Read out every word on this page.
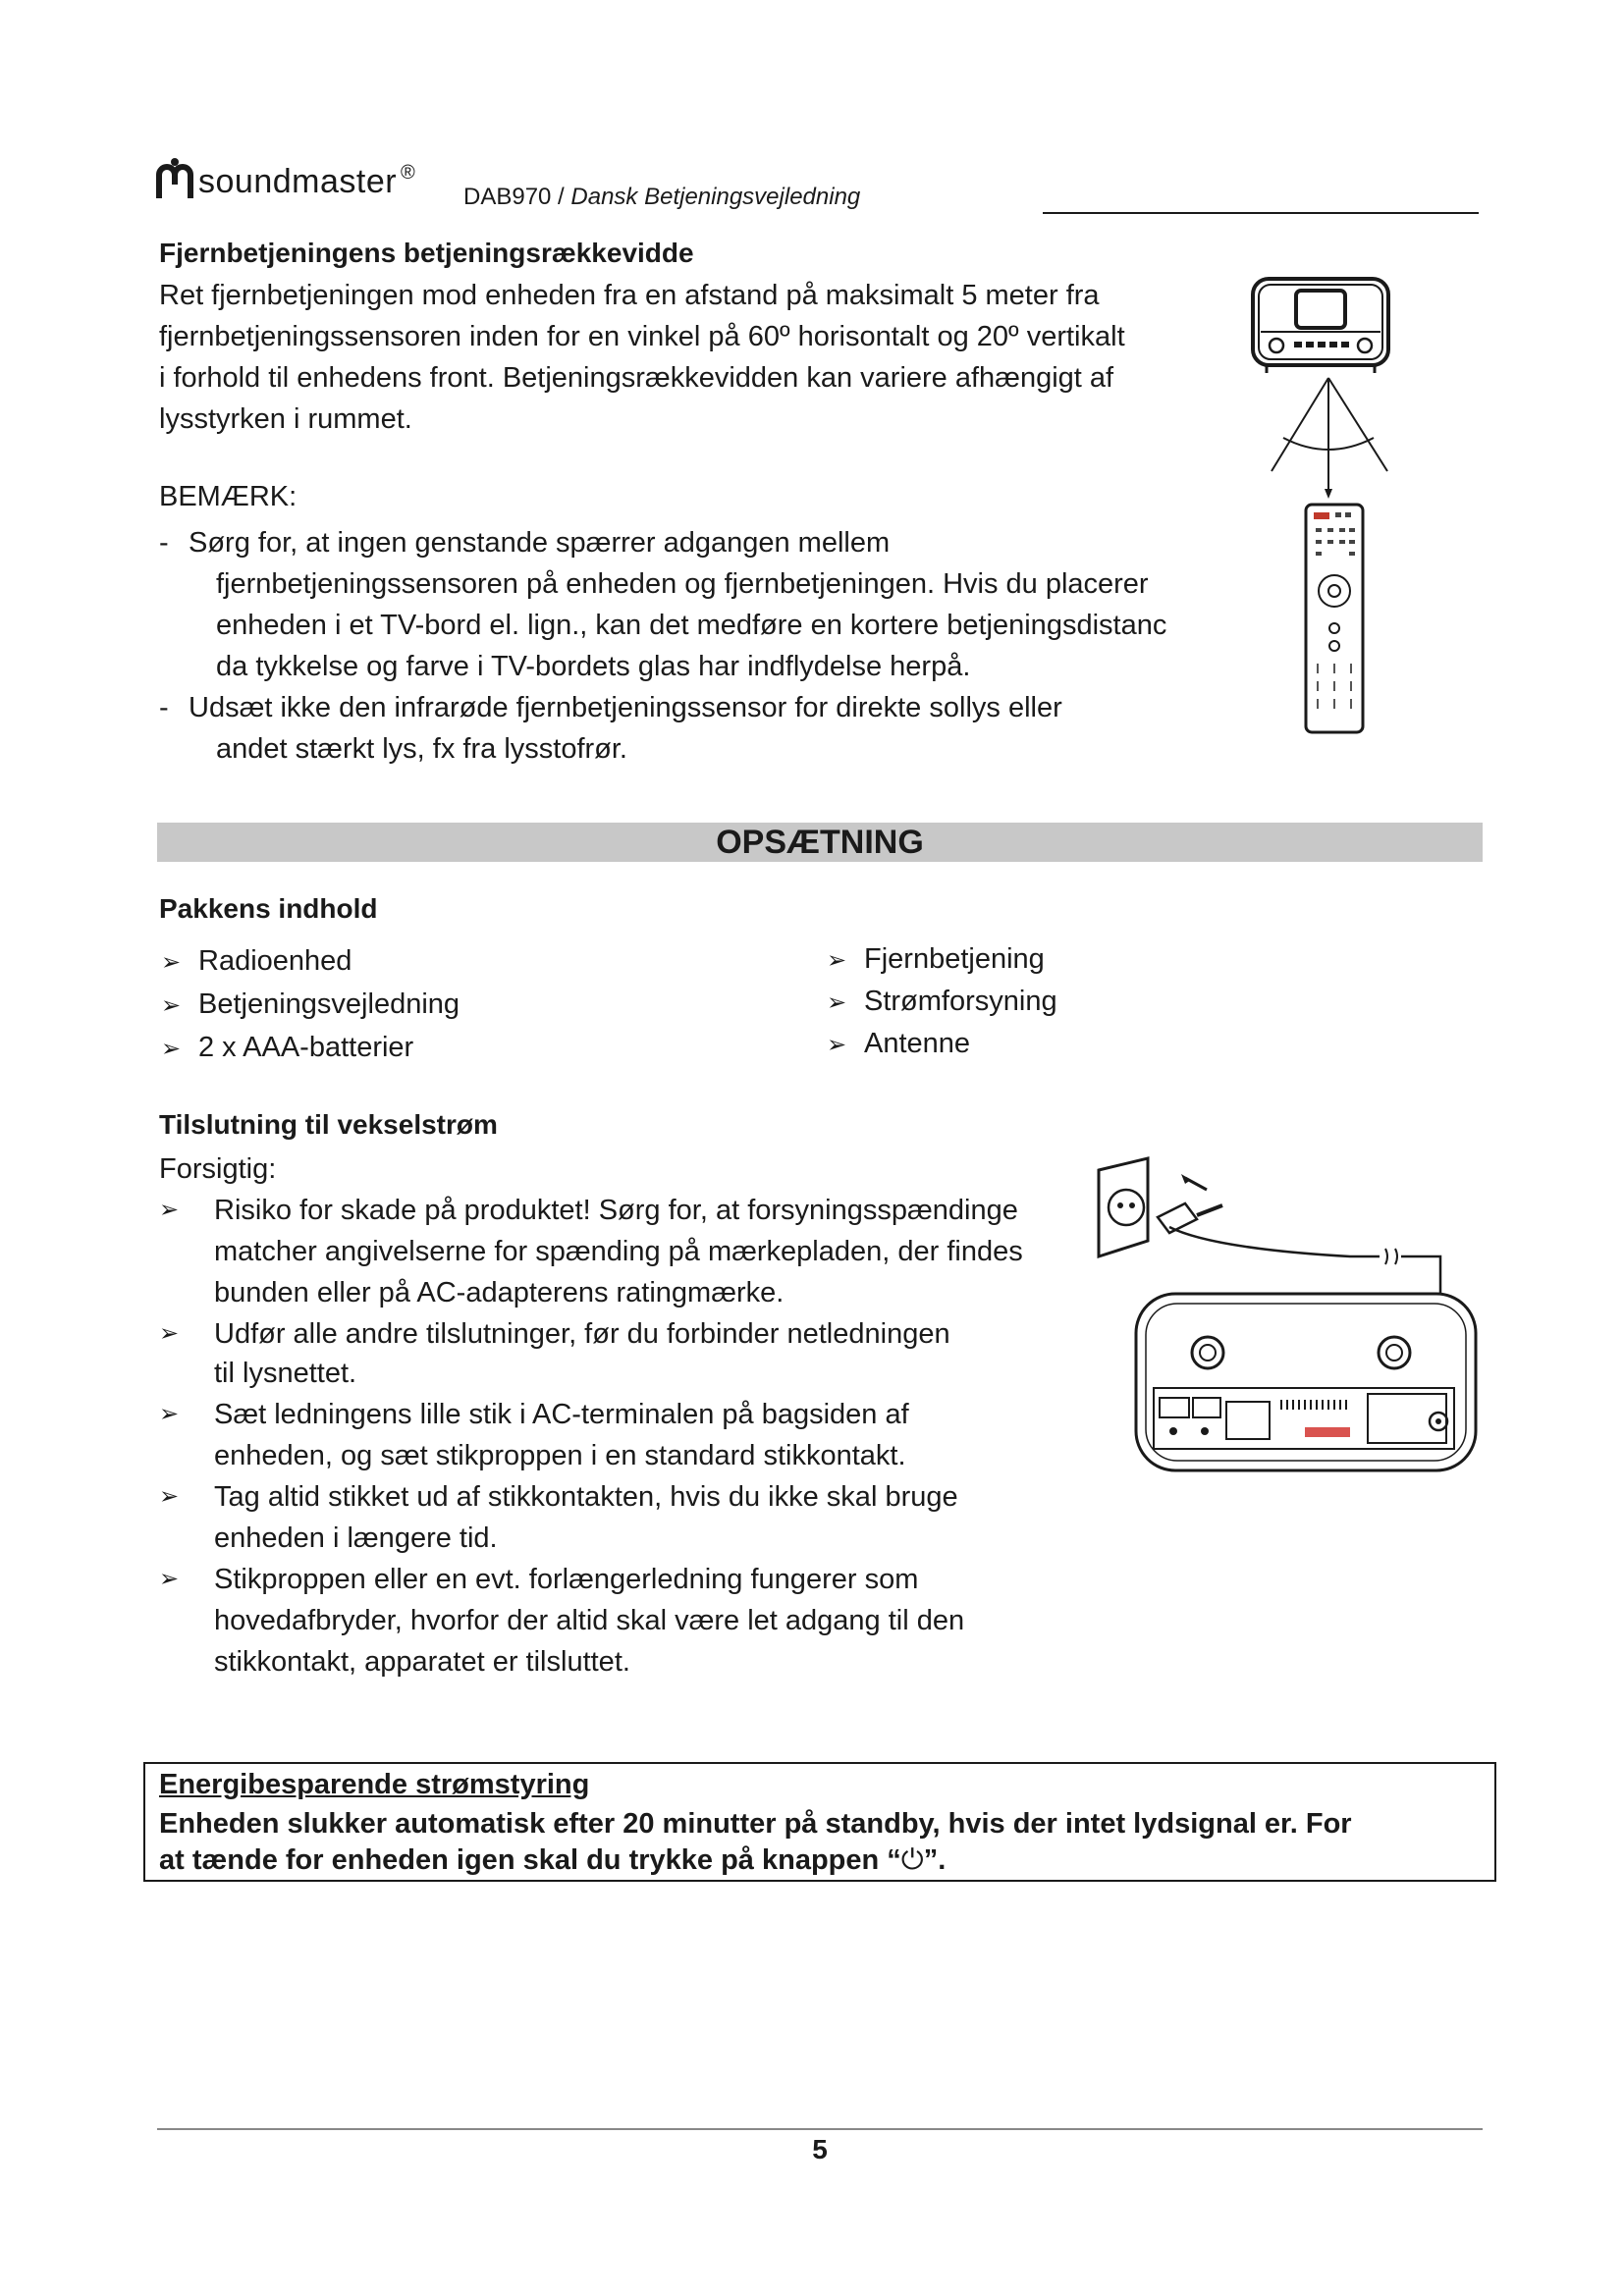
soundmaster ®
DAB970 / Dansk Betjeningsvejledning
Fjernbetjeningens betjeningsrækkevidde
Ret fjernbetjeningen mod enheden fra en afstand på maksimalt 5 meter fra
fjernbetjeningssensoren inden for en vinkel på 60º horisontalt og 20º vertikalt
i forhold til enhedens front. Betjeningsrækkevidden kan variere afhængigt af
lysstyrken i rummet.
BEMÆRK:
- Sørg for, at ingen genstande spærrer adgangen mellem
fjernbetjeningssensoren på enheden og fjernbetjeningen. Hvis du placerer
enheden i et TV-bord el. lign., kan det medføre en kortere betjeningsdistanc
da tykkelse og farve i TV-bordets glas har indflydelse herpå.
- Udsæt ikke den infrarøde fjernbetjeningssensor for direkte sollys eller
andet stærkt lys, fx fra lysstofrør.
OPSÆTNING
Pakkens indhold
➢ Radioenhed
➢ Betjeningsvejledning
➢ 2 x AAA-batterier
➢ Fjernbetjening
➢ Strømforsyning
➢ Antenne
Tilslutning til vekselstrøm
Forsigtig:
➢ Risiko for skade på produktet! Sørg for, at forsyningsspændinge
matcher angivelserne for spænding på mærkepladen, der findes
bunden eller på AC-adapterens ratingmærke.
➢ Udfør alle andre tilslutninger, før du forbinder netledningen
til lysnettet.
➢ Sæt ledningens lille stik i AC-terminalen på bagsiden af
enheden, og sæt stikproppen i en standard stikkontakt.
➢ Tag altid stikket ud af stikkontakten, hvis du ikke skal bruge
enheden i længere tid.
➢ Stikproppen eller en evt. forlængerledning fungerer som
hovedafbryder, hvorfor der altid skal være let adgang til den
stikkontakt, apparatet er tilsluttet.
Energibesparende strømstyring
Enheden slukker automatisk efter 20 minutter på standby, hvis der intet lydsignal er. For
at tænde for enheden igen skal du trykke på knappen “⏻”.
5
